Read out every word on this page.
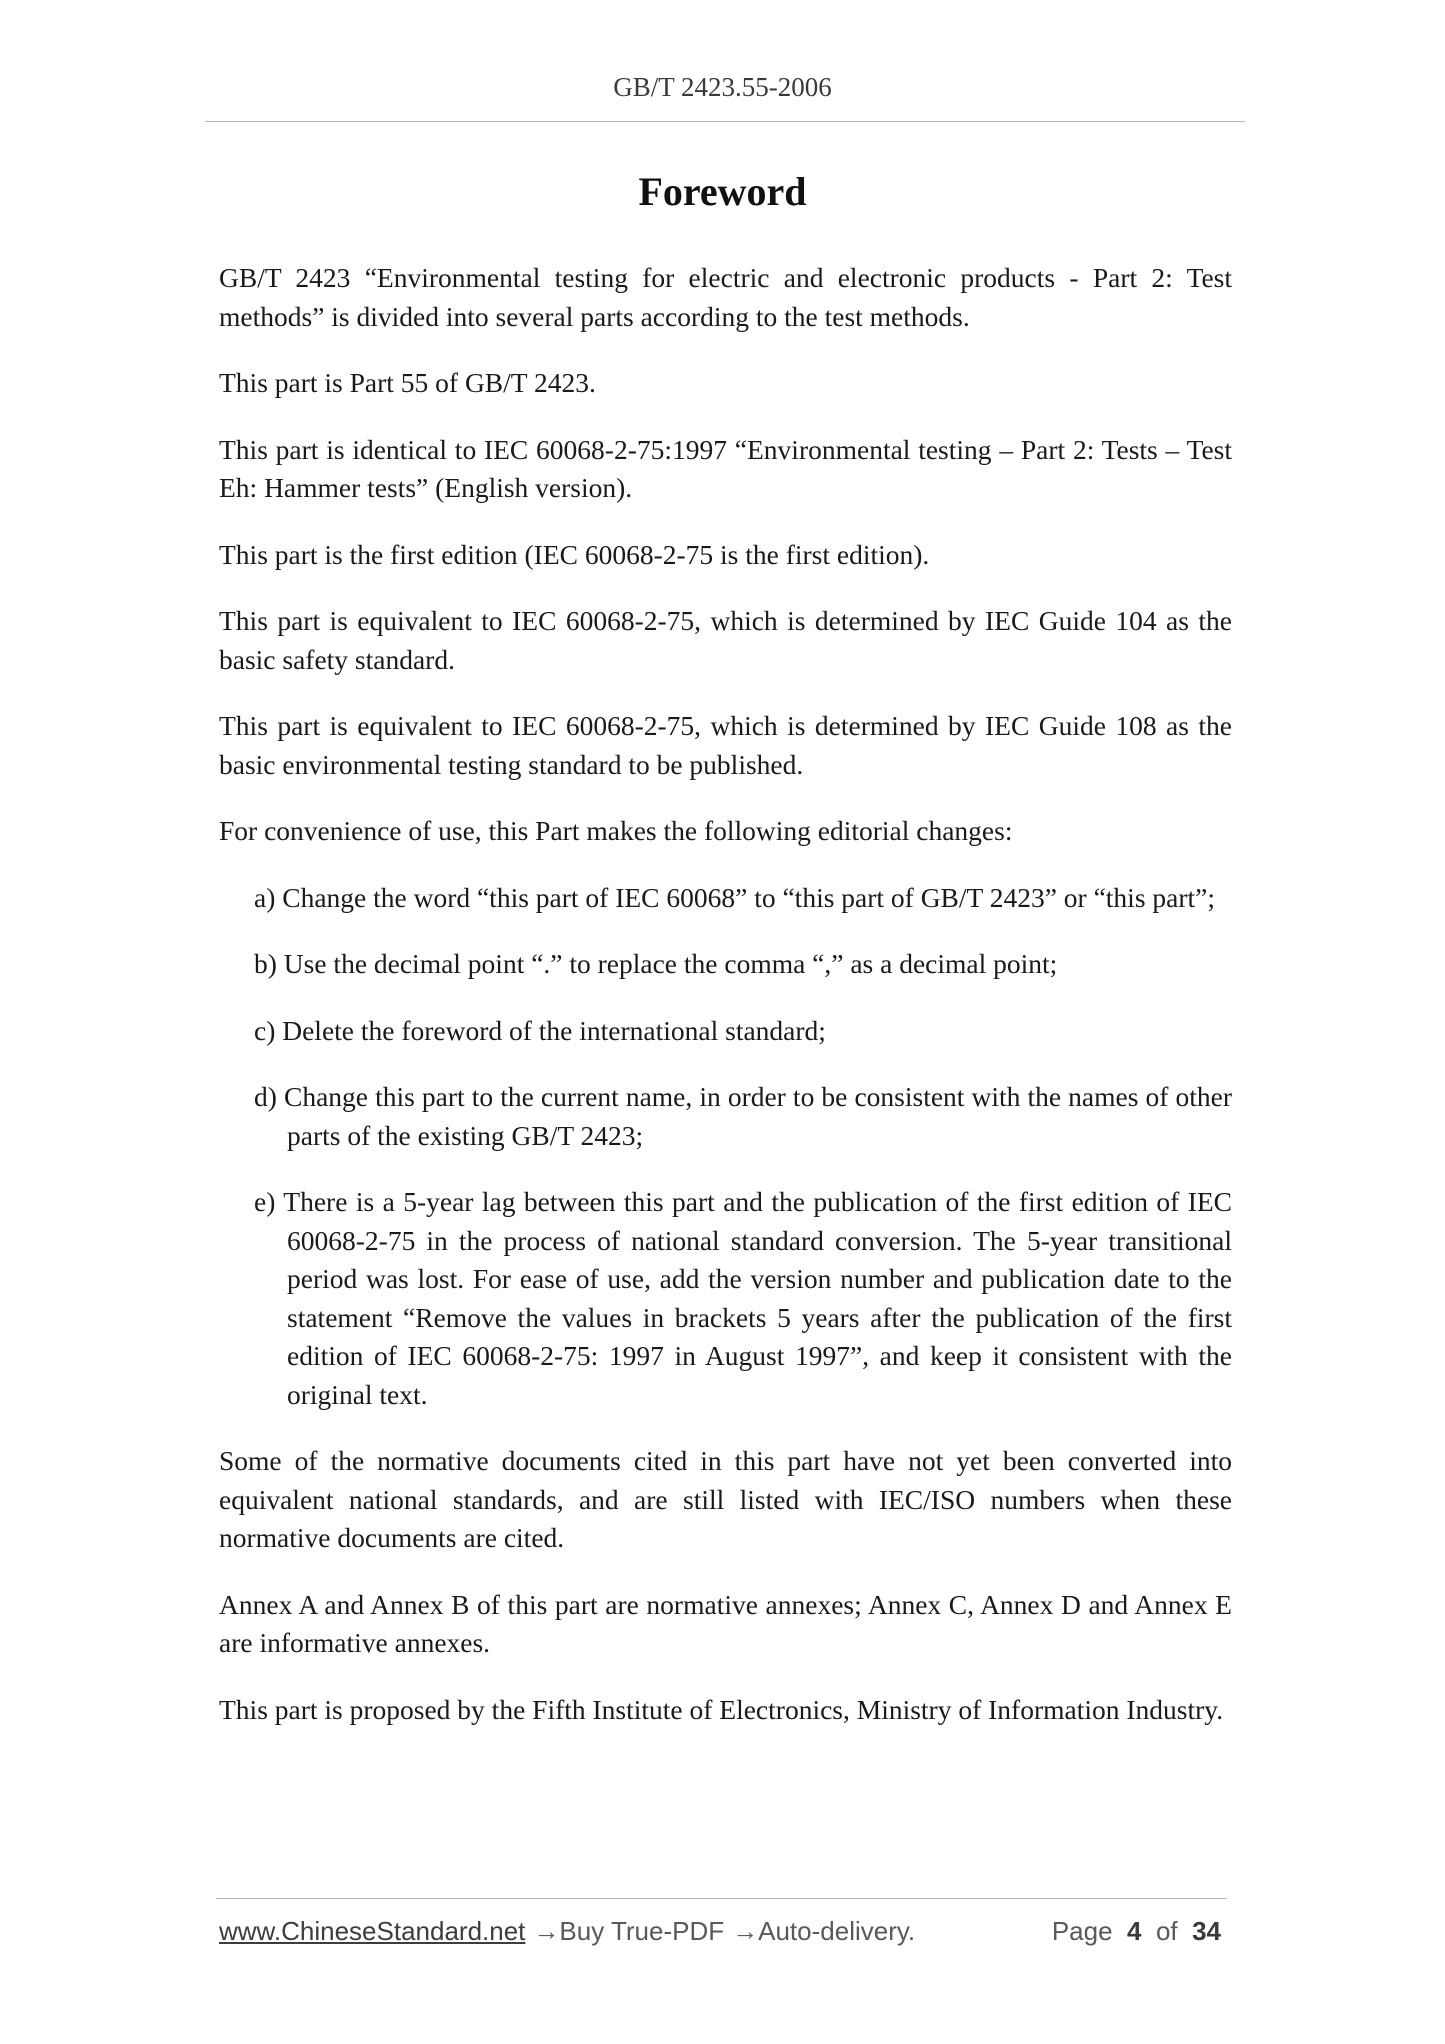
GB/T 2423.55-2006
Foreword

GB/T 2423 “Environmental testing for electric and electronic products - Part 2: Test methods” is divided into several parts according to the test methods.

This part is Part 55 of GB/T 2423.

This part is identical to IEC 60068-2-75:1997 “Environmental testing – Part 2: Tests – Test Eh: Hammer tests” (English version).

This part is the first edition (IEC 60068-2-75 is the first edition).

This part is equivalent to IEC 60068-2-75, which is determined by IEC Guide 104 as the basic safety standard.

This part is equivalent to IEC 60068-2-75, which is determined by IEC Guide 108 as the basic environmental testing standard to be published.

For convenience of use, this Part makes the following editorial changes:

a) Change the word “this part of IEC 60068” to “this part of GB/T 2423” or “this part”;

b) Use the decimal point “.” to replace the comma “,” as a decimal point;

c) Delete the foreword of the international standard;

d) Change this part to the current name, in order to be consistent with the names of other parts of the existing GB/T 2423;

e) There is a 5-year lag between this part and the publication of the first edition of IEC 60068-2-75 in the process of national standard conversion. The 5-year transitional period was lost. For ease of use, add the version number and publication date to the statement “Remove the values in brackets 5 years after the publication of the first edition of IEC 60068-2-75: 1997 in August 1997”, and keep it consistent with the original text.

Some of the normative documents cited in this part have not yet been converted into equivalent national standards, and are still listed with IEC/ISO numbers when these normative documents are cited.

Annex A and Annex B of this part are normative annexes; Annex C, Annex D and Annex E are informative annexes.

This part is proposed by the Fifth Institute of Electronics, Ministry of Information Industry.

www.ChineseStandard.net →Buy True-PDF →Auto-delivery.	Page 4 of 34
